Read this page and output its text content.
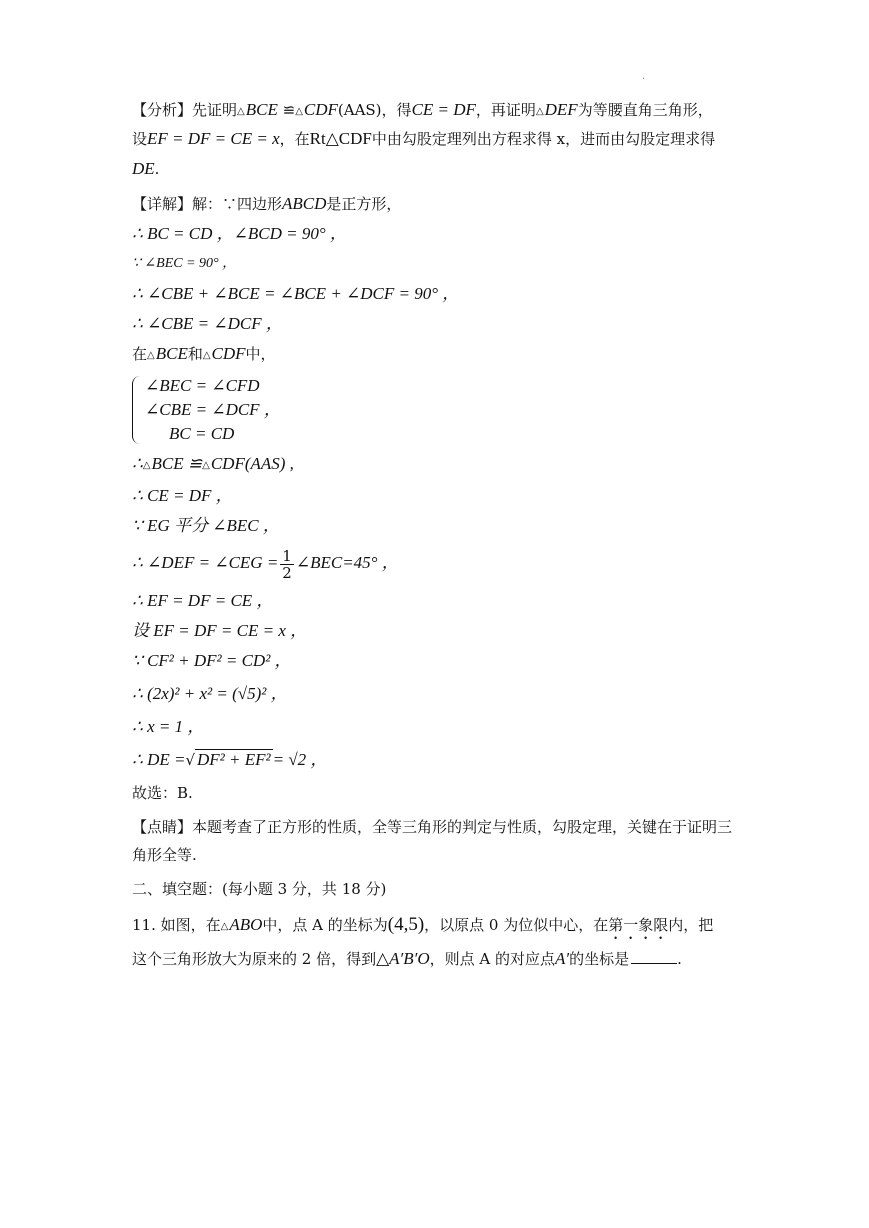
·
【分析】先证明△BCE ≌△CDF(AAS)，得CE = DF，再证明△DEF为等腰直角三角形，
设EF = DF = CE = x，在Rt△CDF中由勾股定理列出方程求得 x，进而由勾股定理求得
DE.
【详解】解：∵四边形ABCD是正方形，
∴ BC = CD ，∠BCD = 90° ，
∵ ∠BEC = 90° ，
∴ ∠CBE + ∠BCE = ∠BCE + ∠DCF = 90° ，
∴ ∠CBE = ∠DCF ，
在△BCE和△CDF中，
∠BEC = ∠CFD
∠CBE = ∠DCF ，
BC = CD
∴△BCE ≌△CDF(AAS) ,
∴ CE = DF ，
∵ EG 平分 ∠BEC ，
∴ ∠DEF = ∠CEG = $\frac{1}{2}$ ∠BEC=45° ，
∴ EF = DF = CE ，
设 EF = DF = CE = x ，
∵ CF² + DF² = CD² ，
∴ (2x)² + x² = (√5)² ，
∴ x = 1 ，
∴ DE =√ DF² + EF² = √2 ，
故选：B.
【点睛】本题考查了正方形的性质，全等三角形的判定与性质，勾股定理，关键在于证明三角形全等.
二、填空题：(每小题 3 分，共 18 分)
11. 如图，在△ABO中，点 A 的坐标为(4,5)，以原点 0 为位似中心，在第一象限内，把
这个三角形放大为原来的 2 倍，得到△A′B′O，则点 A 的对应点A′的坐标是	.
